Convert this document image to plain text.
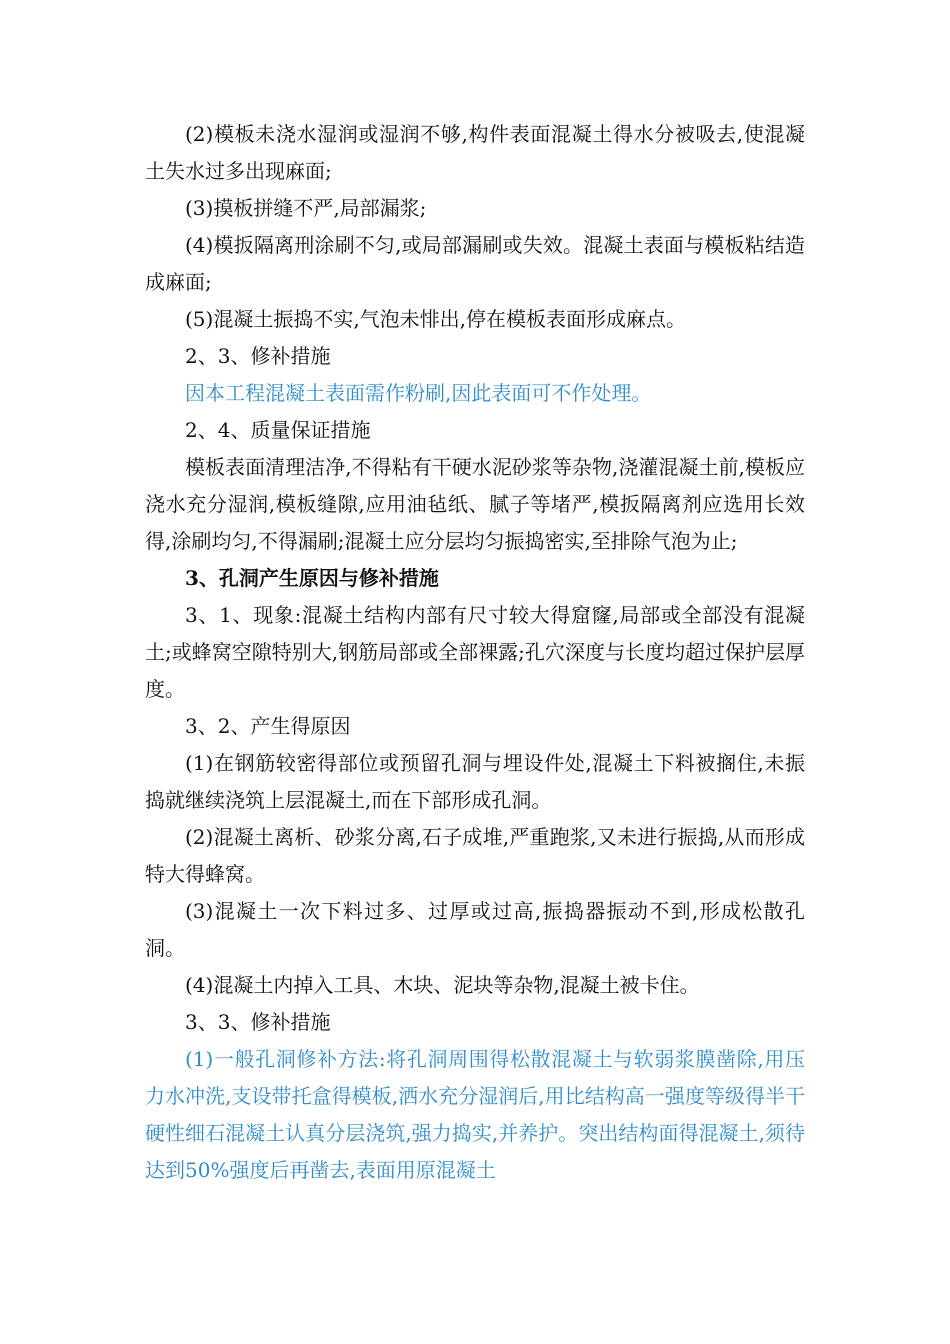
(2)模板未浇水湿润或湿润不够,构件表面混凝土得水分被吸去,使混凝土失水过多出现麻面;

(3)摸板拼缝不严,局部漏浆;

(4)模扳隔离刑涂刷不匀,或局部漏刷或失效。混凝土表面与模板粘结造成麻面;

(5)混凝土振捣不实,气泡未悱出,停在模板表面形成麻点。

2、3、修补措施

因本工程混凝土表面需作粉刷,因此表面可不作处理。

2、4、质量保证措施

模板表面清理洁净,不得粘有干硬水泥砂浆等杂物,浇灌混凝土前,模板应浇水充分湿润,模板缝隙,应用油毡纸、腻子等堵严,模扳隔离剂应选用长效得,涂刷均匀,不得漏刷;混凝土应分层均匀振捣密实,至排除气泡为止;

3、孔洞产生原因与修补措施

3、1、现象:混凝土结构内部有尺寸较大得窟窿,局部或全部没有混凝土;或蜂窝空隙特别大,钢筋局部或全部裸露;孔穴深度与长度均超过保护层厚度。

3、2、产生得原因

(1)在钢筋较密得部位或预留孔洞与埋设件处,混凝土下料被搁住,未振捣就继续浇筑上层混凝土,而在下部形成孔洞。

(2)混凝土离析、砂浆分离,石子成堆,严重跑浆,又未进行振捣,从而形成特大得蜂窝。

(3)混凝土一次下料过多、过厚或过高,振捣器振动不到,形成松散孔洞。

(4)混凝土内掉入工具、木块、泥块等杂物,混凝土被卡住。

3、3、修补措施

(1)一般孔洞修补方法:将孔洞周围得松散混凝土与软弱浆膜凿除,用压力水冲洗,支设带托盒得模板,洒水充分湿润后,用比结构高一强度等级得半干硬性细石混凝土认真分层浇筑,强力捣实,并养护。突出结构面得混凝土,须待达到50%强度后再凿去,表面用原混凝土
